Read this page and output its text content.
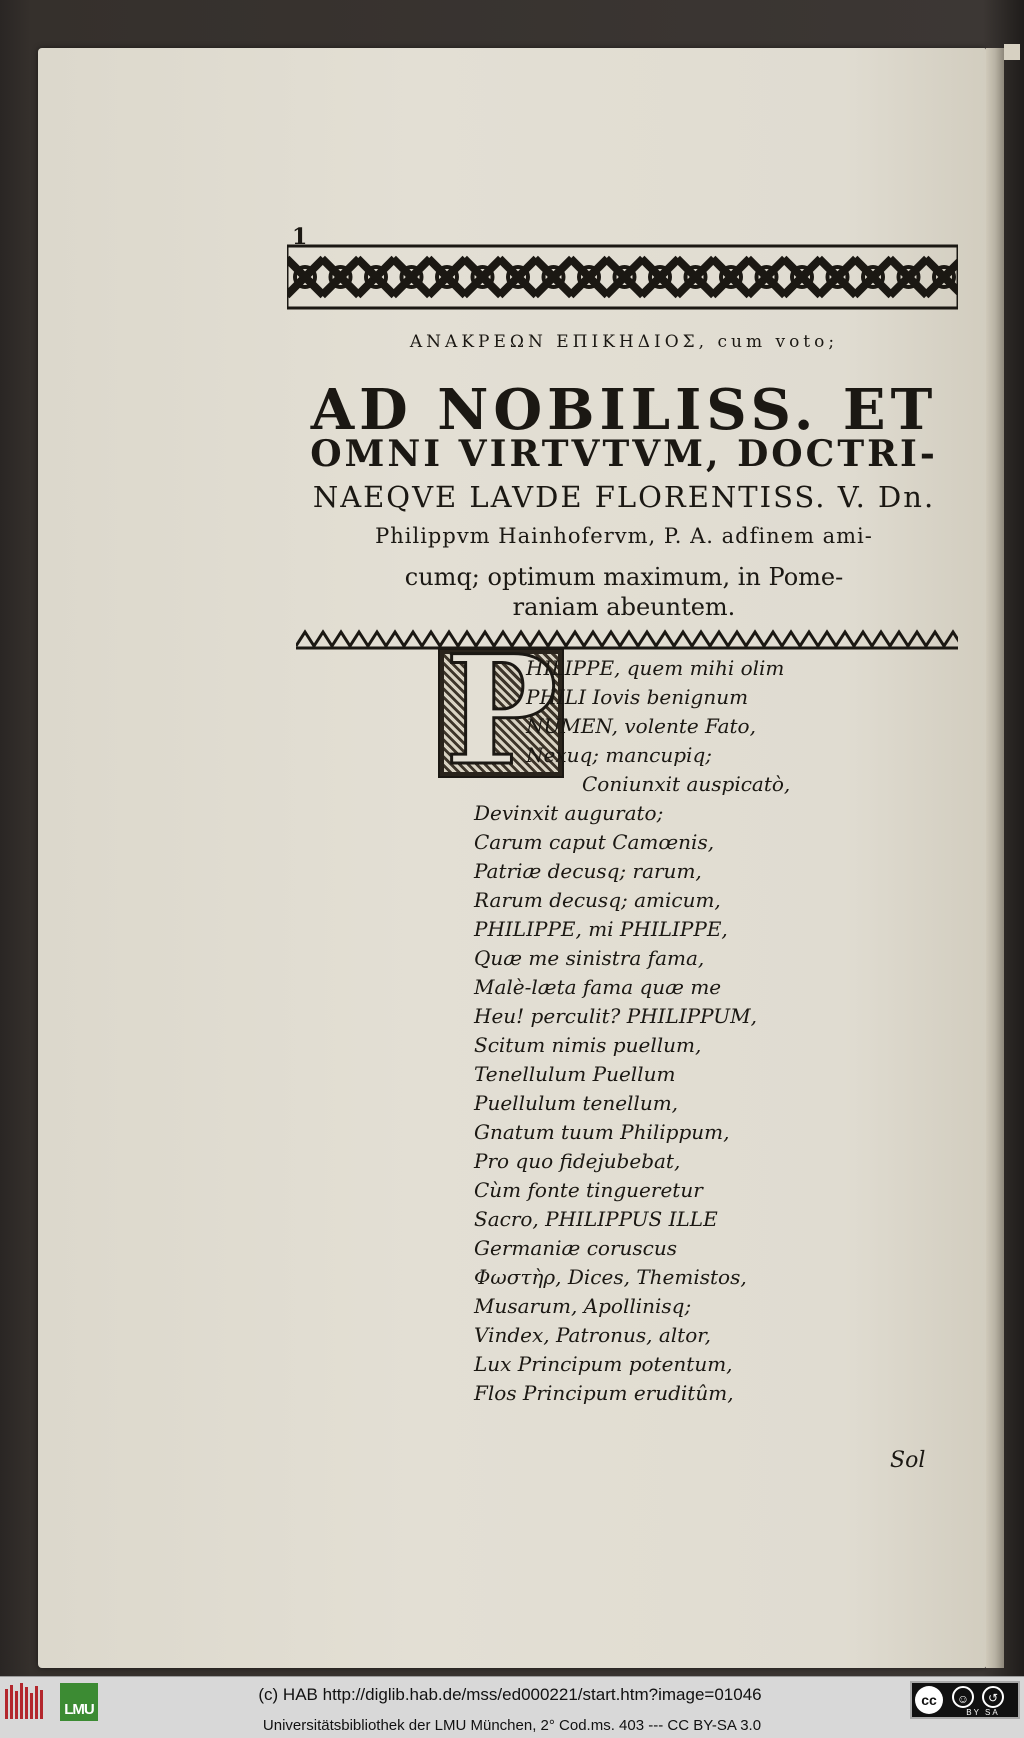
1
ΑΝΑΚΡΕΩΝ ΕΠΙΚΗΔΙΟΣ, cum voto;
AD NOBILISS. ET
OMNI VIRTVTVM, DOCTRI-
NAEQVE LAVDE FLORENTISS. V. Dn.
Philippvm Hainhofervm, P. A. adfinem ami-
cumq; optimum maximum, in Pome-
raniam abeuntem.
P
HILIPPE, quem mihi olim
PHILI Iovis benignum
NUMEN, volente Fato,
Nexuq; mancupiq;
Coniunxit auspicatò,
Devinxit augurato;
Carum caput Camœnis,
Patriæ decusq; rarum,
Rarum decusq; amicum,
PHILIPPE, mi PHILIPPE,
Quæ me sinistra fama,
Malè-læta fama quæ me
Heu! perculit? PHILIPPUM,
Scitum nimis puellum,
Tenellulum Puellum
Puellulum tenellum,
Gnatum tuum Philippum,
Pro quo fidejubebat,
Cùm fonte tingueretur
Sacro, PHILIPPUS ILLE
Germaniæ coruscus
Φωστὴρ, Dices, Themistos,
Musarum, Apollinisq;
Vindex, Patronus, altor,
Lux Principum potentum,
Flos Principum eruditûm,
Sol
LMU
(c) HAB http://diglib.hab.de/mss/ed000221/start.htm?image=01046
Universitätsbibliothek der LMU München, 2° Cod.ms. 403 --- CC BY-SA 3.0
cc	☺	↺
BY SA
